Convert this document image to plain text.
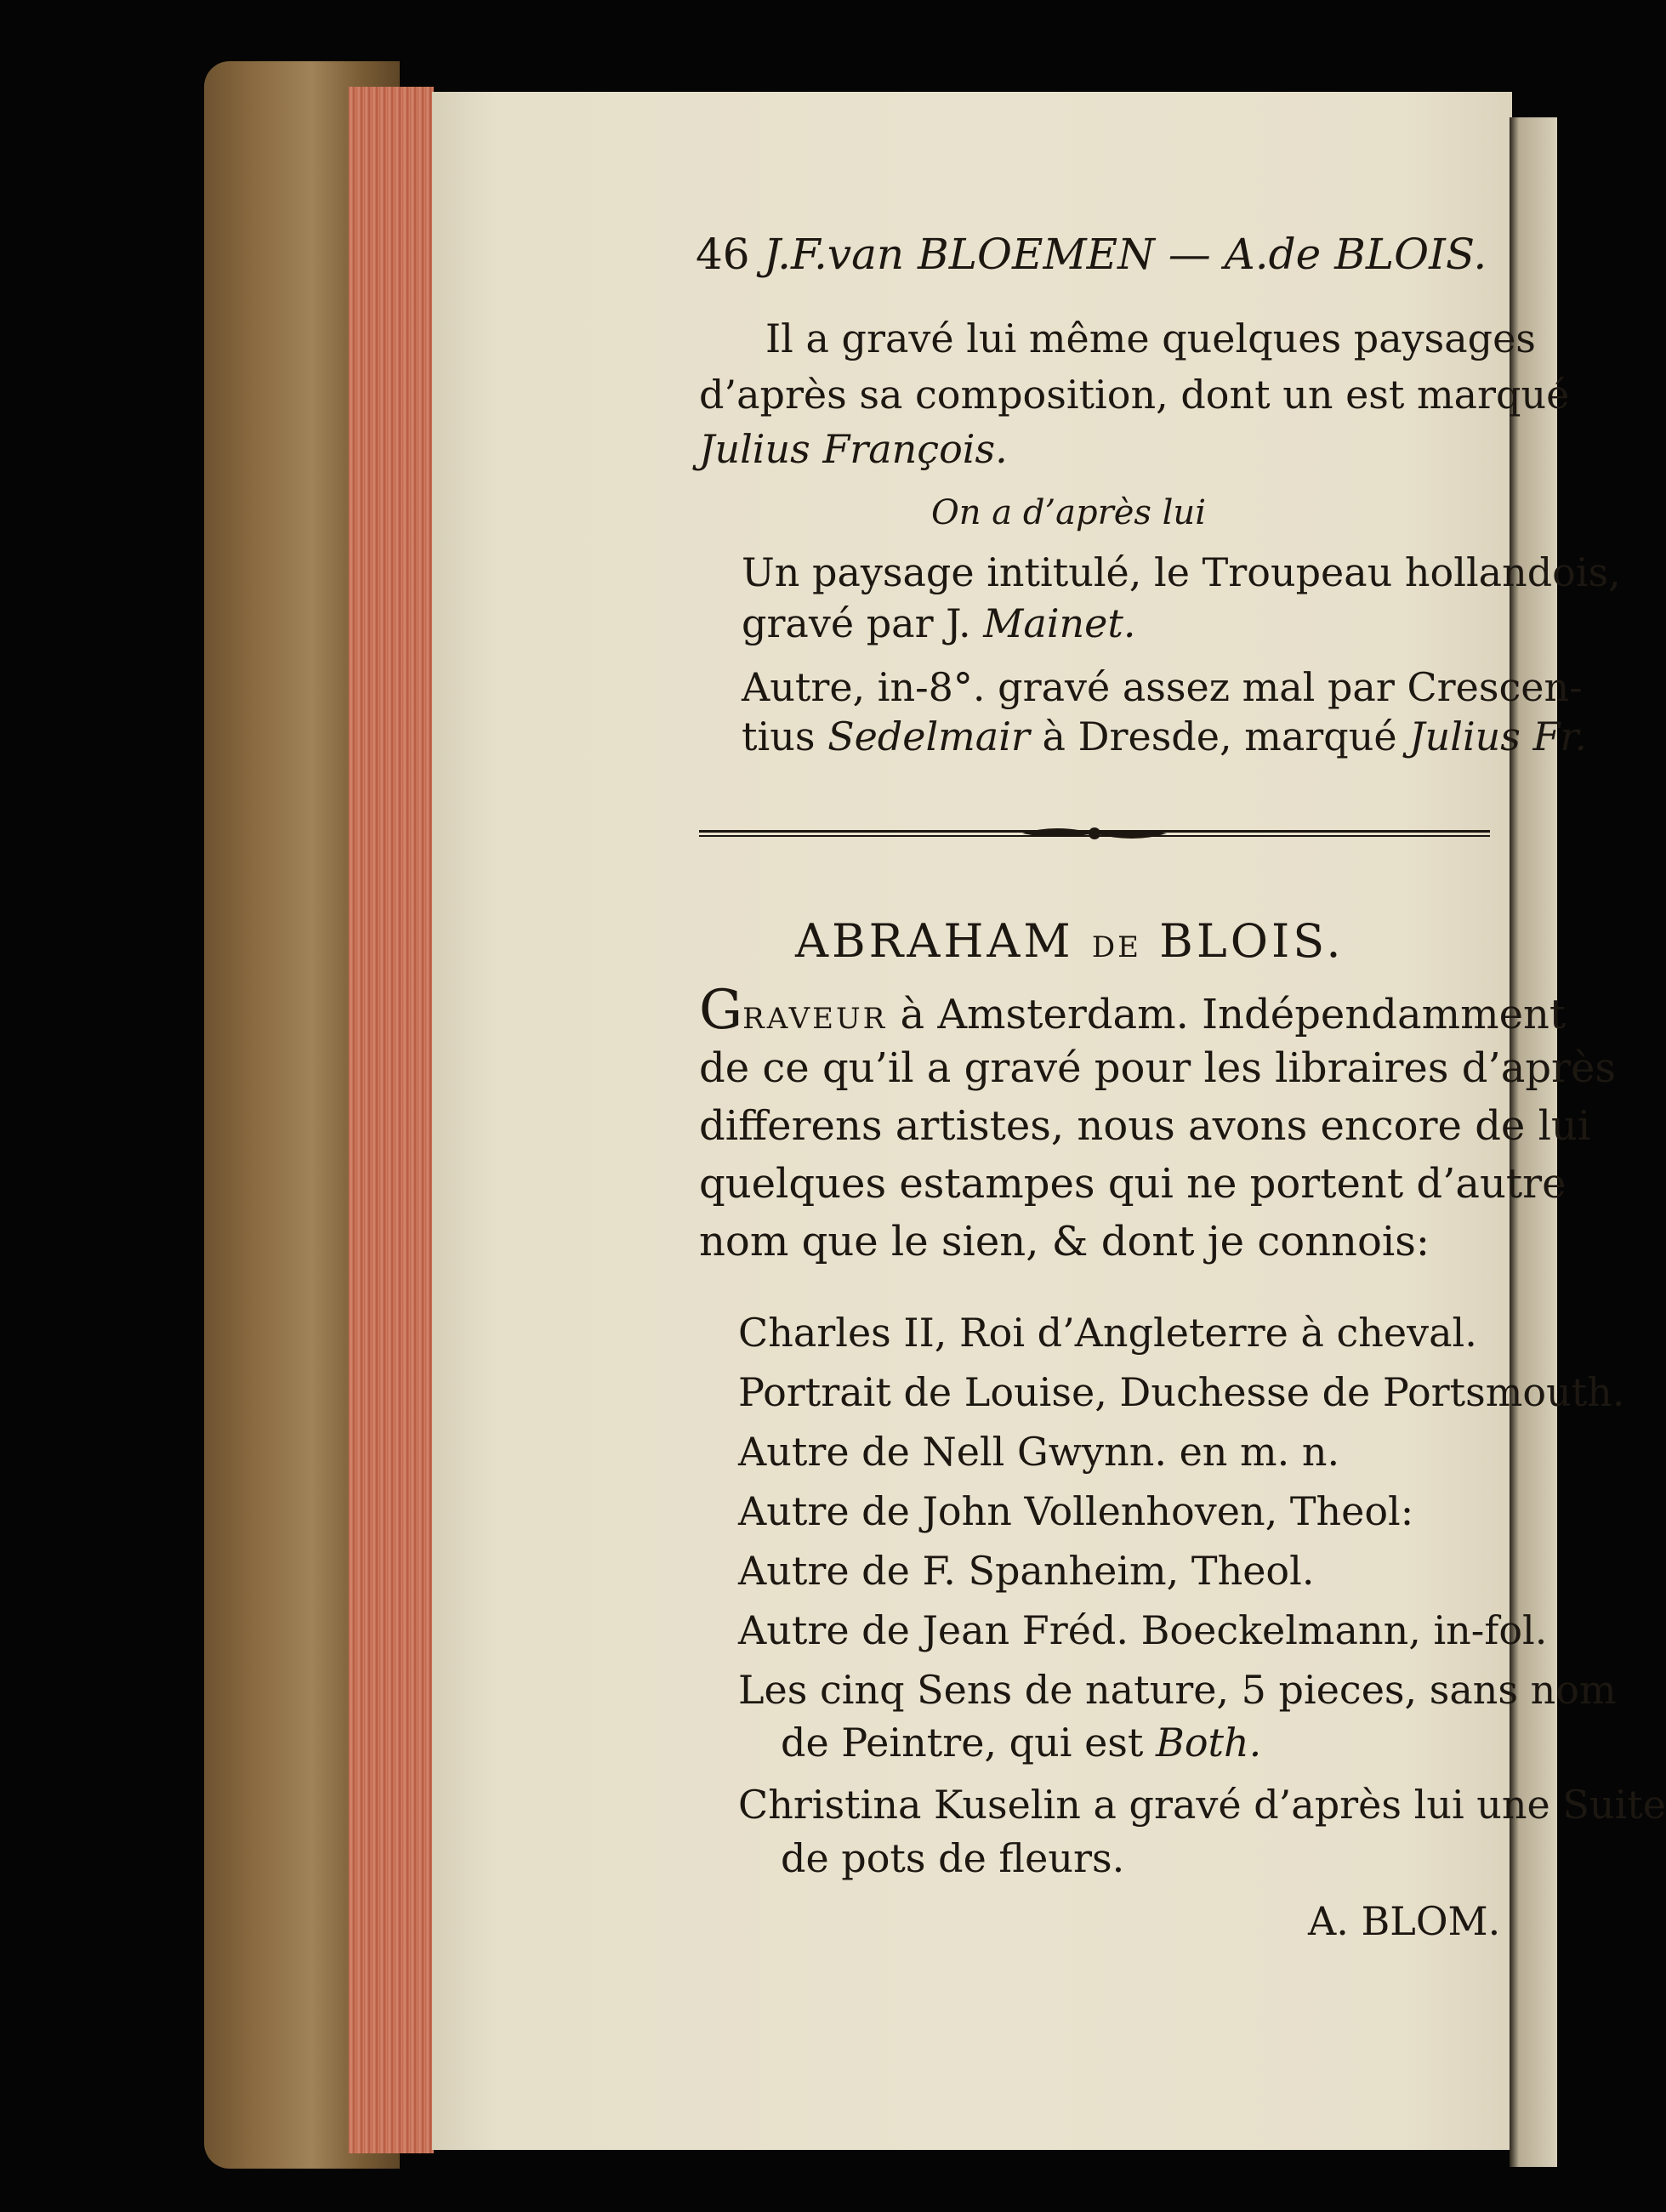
46 J.F.van BLOEMEN — A.de BLOIS.
Il a gravé lui même quelques paysages
d’après sa composition, dont un est marqué
Julius François.
On a d’après lui
Un paysage intitulé, le Troupeau hollandois,
gravé par J. Mainet.
Autre, in-8°. gravé assez mal par Crescen-
tius Sedelmair à Dresde, marqué Julius Fr.
ABRAHAM DE BLOIS.
GRAVEUR à Amsterdam. Indépendamment
de ce qu’il a gravé pour les libraires d’après
differens artistes, nous avons encore de lui
quelques estampes qui ne portent d’autre
nom que le sien, & dont je connois:
Charles II, Roi d’Angleterre à cheval.
Portrait de Louise, Duchesse de Portsmouth.
Autre de Nell Gwynn. en m. n.
Autre de John Vollenhoven, Theol:
Autre de F. Spanheim, Theol.
Autre de Jean Fréd. Boeckelmann, in-fol.
Les cinq Sens de nature, 5 pieces, sans nom
de Peintre, qui est Both.
Christina Kuselin a gravé d’après lui une Suite
de pots de fleurs.
A. BLOM.
